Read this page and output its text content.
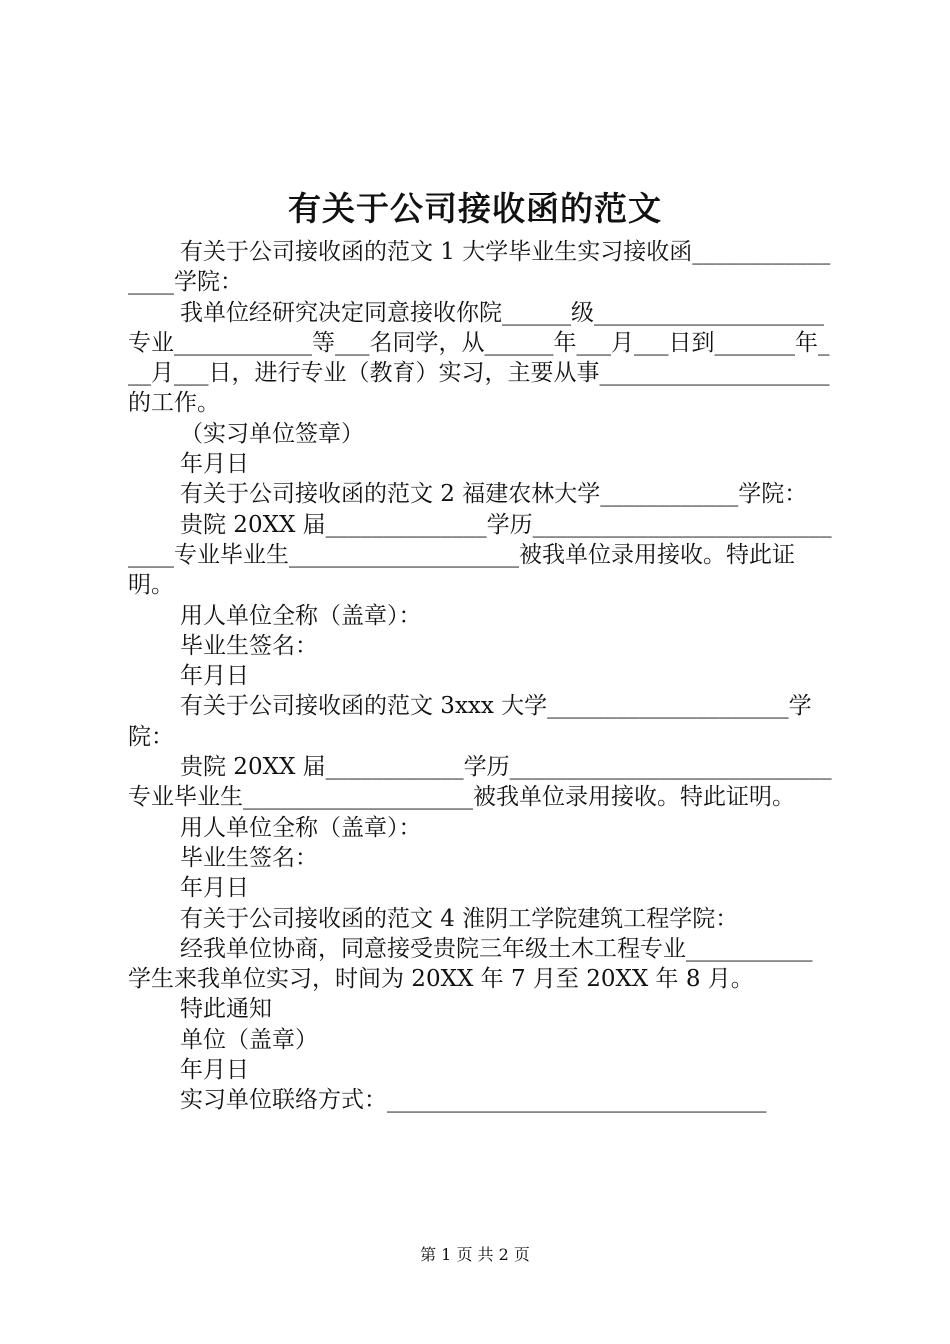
有关于公司接收函的范文

有关于公司接收函的范文 1 大学毕业生实习接收函________________学院：

我单位经研究决定同意接收你院______级____________________专业____________等___名同学，从______年___月___日到_______年___月___日，进行专业（教育）实习，主要从事____________________的工作。

（实习单位签章）

年月日

有关于公司接收函的范文 2 福建农林大学____________学院：

贵院 20XX 届______________学历______________________________专业毕业生____________________被我单位录用接收。特此证明。

用人单位全称（盖章）：

毕业生签名：

年月日

有关于公司接收函的范文 3xxx 大学_____________________学院：

贵院 20XX 届____________学历____________________________专业毕业生____________________被我单位录用接收。特此证明。

用人单位全称（盖章）：

毕业生签名：

年月日

有关于公司接收函的范文 4 淮阴工学院建筑工程学院：

经我单位协商，同意接受贵院三年级土木工程专业___________学生来我单位实习，时间为 20XX 年 7 月至 20XX 年 8 月。

特此通知

单位（盖章）

年月日

实习单位联络方式：_________________________________

第 1 页 共 2 页
